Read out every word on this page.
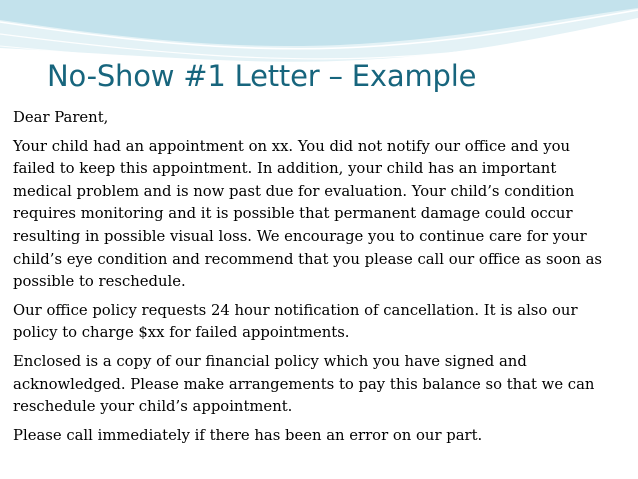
No-Show #1 Letter – Example
Dear Parent,
Your child had an appointment on xx. You did not notify our office and you
failed to keep this appointment. In addition, your child has an important
medical problem and is now past due for evaluation. Your child’s condition
requires monitoring and it is possible that permanent damage could occur
resulting in possible visual loss. We encourage you to continue care for your
child’s eye condition and recommend that you please call our office as soon as
possible to reschedule.
Our office policy requests 24 hour notification of cancellation. It is also our
policy to charge $xx for failed appointments.
Enclosed is a copy of our financial policy which you have signed and
acknowledged. Please make arrangements to pay this balance so that we can
reschedule your child’s appointment.
Please call immediately if there has been an error on our part.
